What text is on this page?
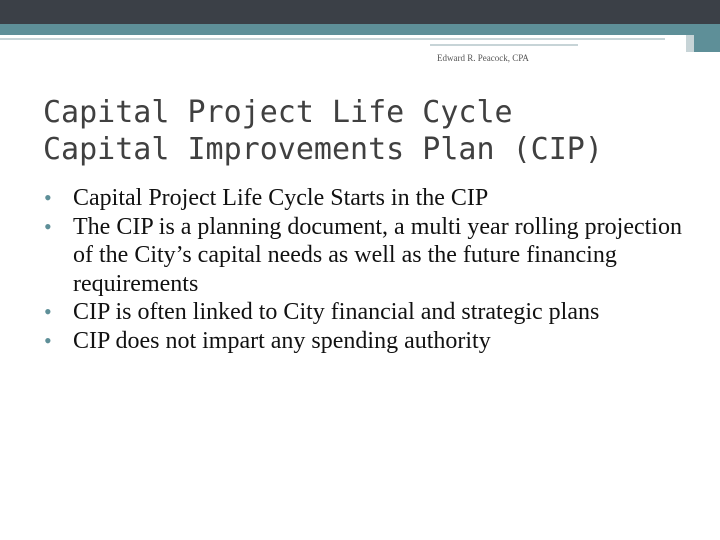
Edward R. Peacock, CPA
Capital Project Life Cycle
Capital Improvements Plan (CIP)
• Capital Project Life Cycle Starts in the CIP
• The CIP is a planning document, a multi year rolling projection of the City’s capital needs as well as the future financing requirements
• CIP is often linked to City financial and strategic plans
• CIP does not impart any spending authority
